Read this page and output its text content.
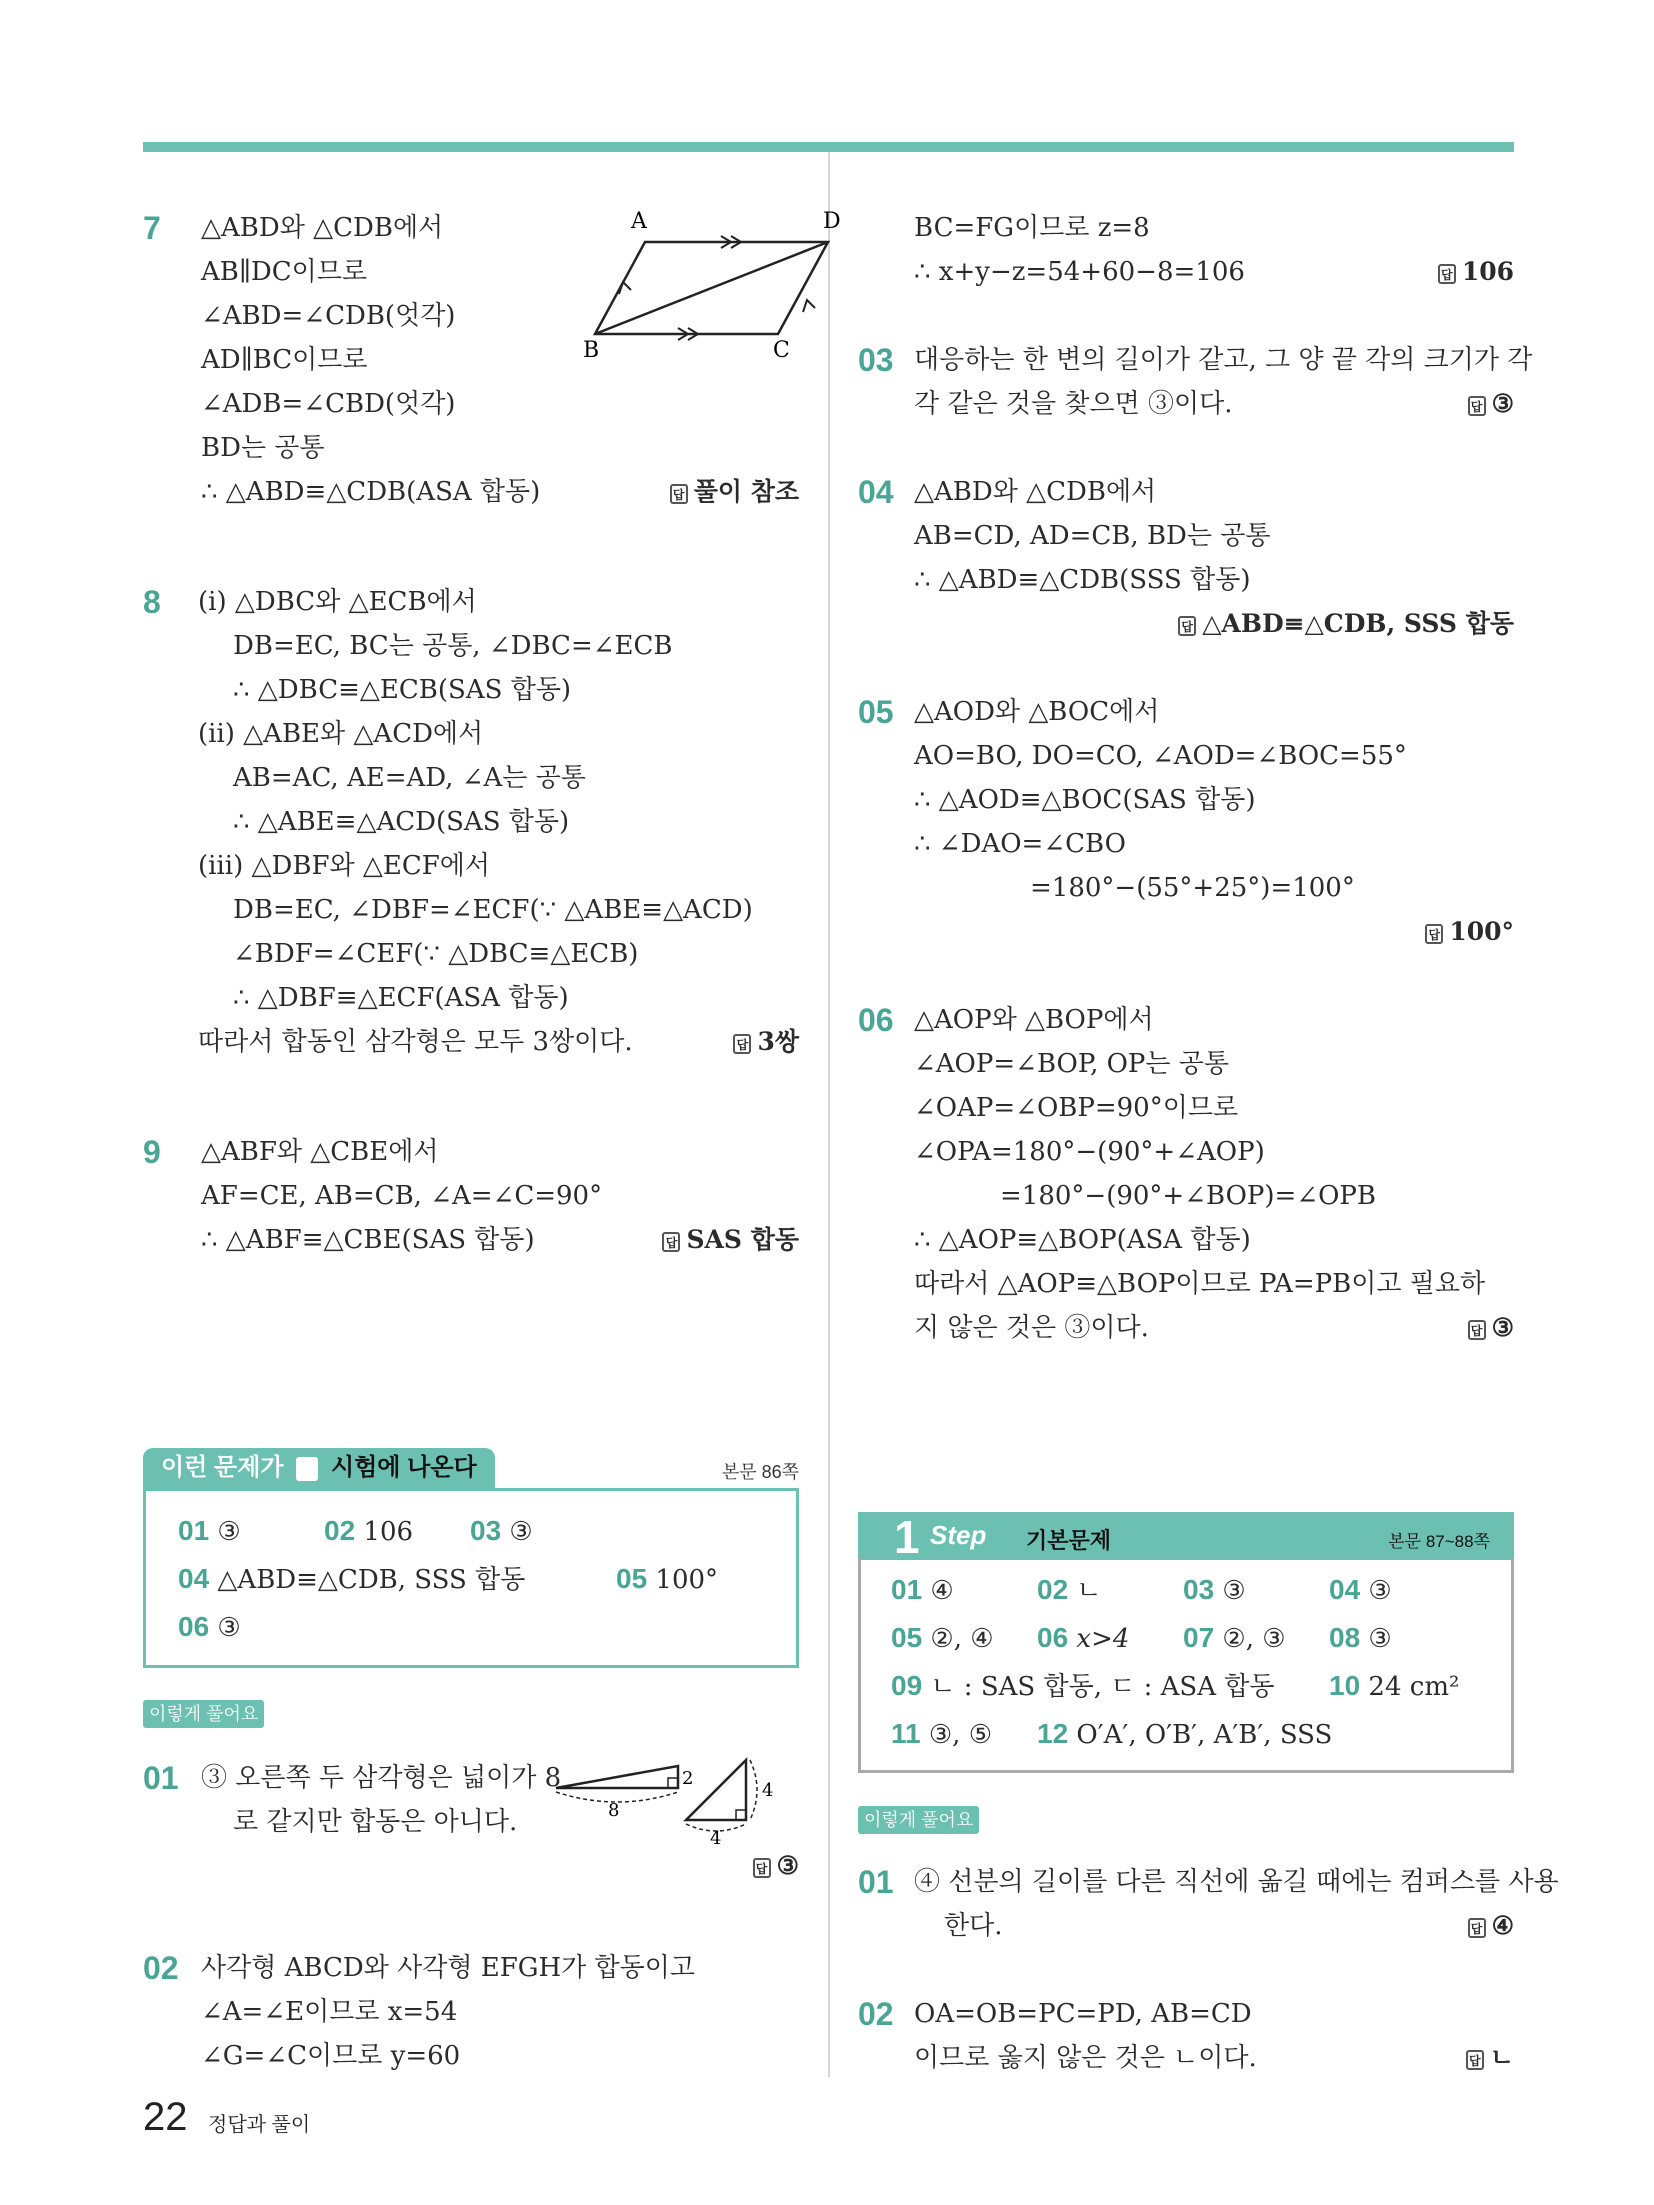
7 △ABD와 △CDB에서
AB∥DC이므로
∠ABD=∠CDB(엇각)
AD∥BC이므로
∠ADB=∠CBD(엇각)
BD는 공통
∴ △ABD≡△CDB(ASA 합동)	답 풀이 참조
A	D
B	C
8 (ⅰ) △DBC와 △ECB에서
DB=EC, BC는 공통, ∠DBC=∠ECB
∴ △DBC≡△ECB(SAS 합동)
(ⅱ) △ABE와 △ACD에서
AB=AC, AE=AD, ∠A는 공통
∴ △ABE≡△ACD(SAS 합동)
(ⅲ) △DBF와 △ECF에서
DB=EC, ∠DBF=∠ECF(∵ △ABE≡△ACD)
∠BDF=∠CEF(∵ △DBC≡△ECB)
∴ △DBF≡△ECF(ASA 합동)
따라서 합동인 삼각형은 모두 3쌍이다.	답 3쌍
9 △ABF와 △CBE에서
AF=CE, AB=CB, ∠A=∠C=90°
∴ △ABF≡△CBE(SAS 합동)	답 SAS 합동
이런 문제가 시험에 나온다	본문 86쪽
01 ③	02 106 03 ③
04 △ABD≡△CDB, SSS 합동	05 100°
06 ③
이렇게 풀어요
01 ③ 오른쪽 두 삼각형은 넓이가 8
로 같지만 합동은 아니다.	8
2
4
4
답 ③
02 사각형 ABCD와 사각형 EFGH가 합동이고
∠A=∠E이므로 x=54
∠G=∠C이므로 y=60
BC=FG이므로 z=8
∴ x+y−z=54+60−8=106	답 106
03 대응하는 한 변의 길이가 같고, 그 양 끝 각의 크기가 각
각 같은 것을 찾으면 ③이다.	답 ③
04 △ABD와 △CDB에서
AB=CD, AD=CB, BD는 공통
∴ △ABD≡△CDB(SSS 합동)
답 △ABD≡△CDB, SSS 합동
05 △AOD와 △BOC에서
AO=BO, DO=CO, ∠AOD=∠BOC=55°
∴ △AOD≡△BOC(SAS 합동)
∴ ∠DAO=∠CBO
=180°−(55°+25°)=100°
답 100°
06 △AOP와 △BOP에서
∠AOP=∠BOP, OP는 공통
∠OAP=∠OBP=90°이므로
∠OPA=180°−(90°+∠AOP)
=180°−(90°+∠BOP)=∠OPB
∴ △AOP≡△BOP(ASA 합동)
따라서 △AOP≡△BOP이므로 PA=PB이고 필요하
지 않은 것은 ③이다.	답 ③
1 Step 기본문제	본문 87~88쪽
01 ④	02 ㄴ	03 ③	04 ③
05 ②, ④ 06 x>4 07 ②, ③ 08 ③
09 ㄴ : SAS 합동, ㄷ : ASA 합동 10 24 cm²
11 ③, ⑤ 12 O′A′, O′B′, A′B′, SSS
이렇게 풀어요
01 ④ 선분의 길이를 다른 직선에 옮길 때에는 컴퍼스를 사용
한다.	답 ④
02 OA=OB=PC=PD, AB=CD
이므로 옳지 않은 것은 ㄴ이다.	답 ㄴ
22 정답과 풀이
